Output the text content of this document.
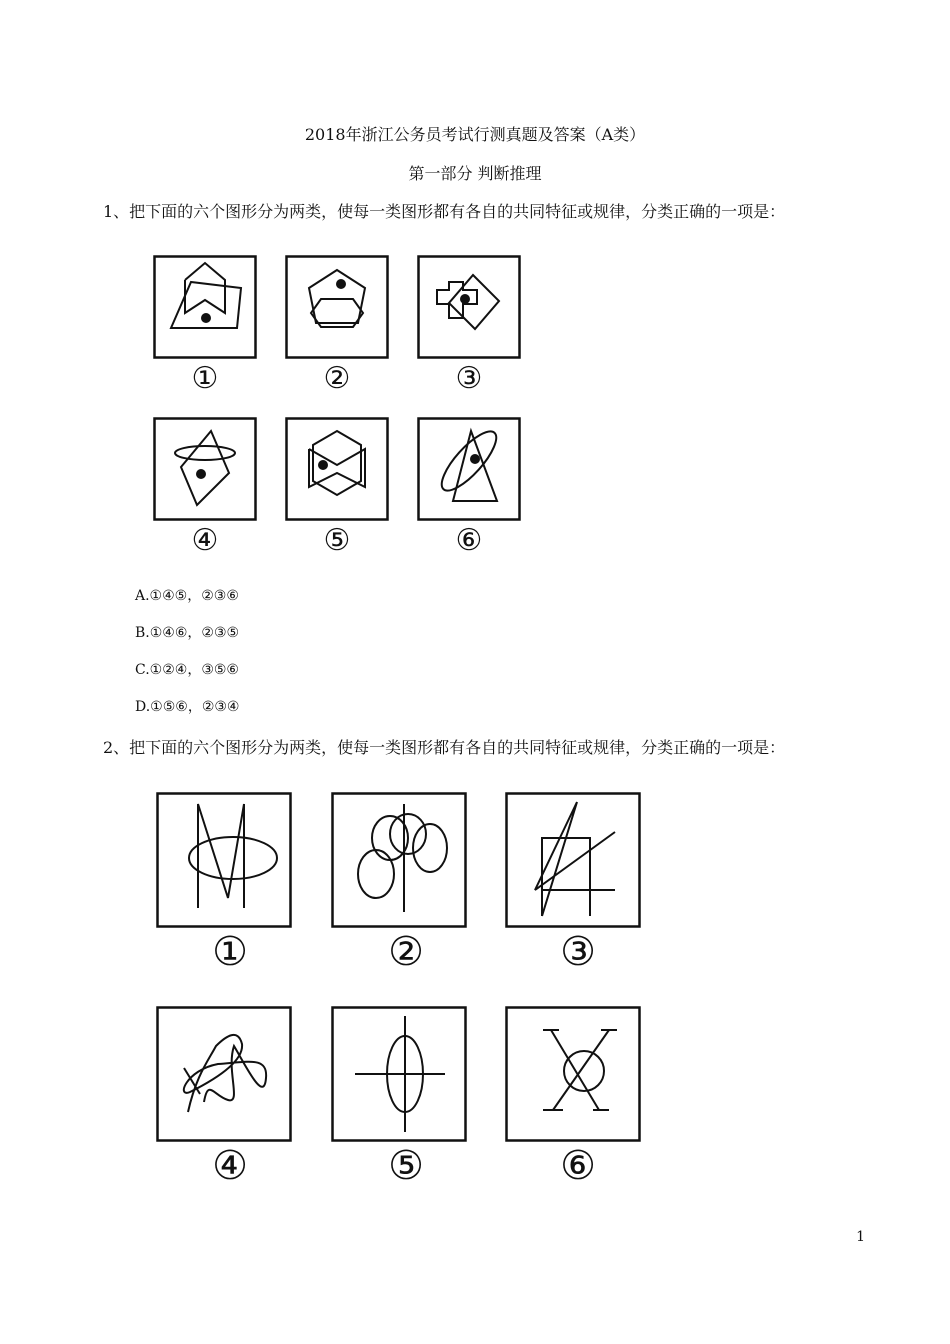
2018年浙江公务员考试行测真题及答案（A类）
第一部分 判断推理
1、把下面的六个图形分为两类，使每一类图形都有各自的共同特征或规律，分类正确的一项是：
①	②	③
④	⑤	⑥
A.①④⑤，②③⑥
B.①④⑥，②③⑤
C.①②④，③⑤⑥
D.①⑤⑥，②③④
2、把下面的六个图形分为两类，使每一类图形都有各自的共同特征或规律，分类正确的一项是：
①	②	③
④	⑤	⑥
1
